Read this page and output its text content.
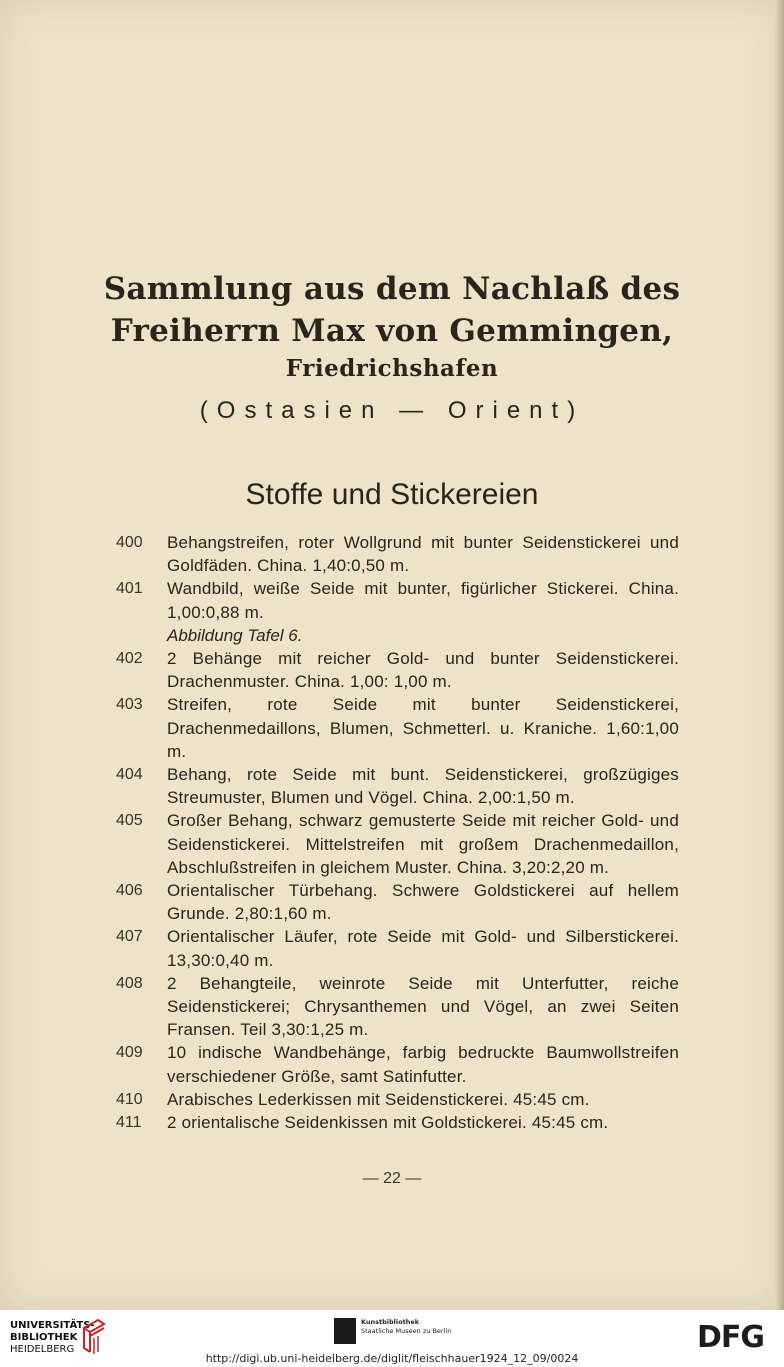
Sammlung aus dem Nachlaß des
Freiherrn Max von Gemmingen,
Friedrichshafen
(Ostasien — Orient)
Stoffe und Stickereien
400	Behangstreifen, roter Wollgrund mit bunter Seidenstickerei und Goldfäden. China. 1,40:0,50 m.
401	Wandbild, weiße Seide mit bunter, figürlicher Stickerei. China. 1,00:0,88 m.
Abbildung Tafel 6.
402	2 Behänge mit reicher Gold- und bunter Seidenstickerei. Drachenmuster. China. 1,00: 1,00 m.
403	Streifen, rote Seide mit bunter Seidenstickerei, Drachenmedaillons, Blumen, Schmetterl. u. Kraniche. 1,60:1,00 m.
404	Behang, rote Seide mit bunt. Seidenstickerei, großzügiges Streumuster, Blumen und Vögel. China. 2,00:1,50 m.
405	Großer Behang, schwarz gemusterte Seide mit reicher Gold- und Seidenstickerei. Mittelstreifen mit großem Drachenmedaillon, Abschlußstreifen in gleichem Muster. China. 3,20:2,20 m.
406	Orientalischer Türbehang. Schwere Goldstickerei auf hellem Grunde. 2,80:1,60 m.
407	Orientalischer Läufer, rote Seide mit Gold- und Silberstickerei. 13,30:0,40 m.
408	2 Behangteile, weinrote Seide mit Unterfutter, reiche Seidenstickerei; Chrysanthemen und Vögel, an zwei Seiten Fransen. Teil 3,30:1,25 m.
409	10 indische Wandbehänge, farbig bedruckte Baumwollstreifen verschiedener Größe, samt Satinfutter.
410	Arabisches Lederkissen mit Seidenstickerei. 45:45 cm.
411	2 orientalische Seidenkissen mit Goldstickerei. 45:45 cm.
— 22 —
UNIVERSITÄTS-
BIBLIOTHEK
HEIDELBERG
Kunstbibliothek
Staatliche Museen zu Berlin	DFG
http://digi.ub.uni-heidelberg.de/diglit/fleischhauer1924_12_09/0024
